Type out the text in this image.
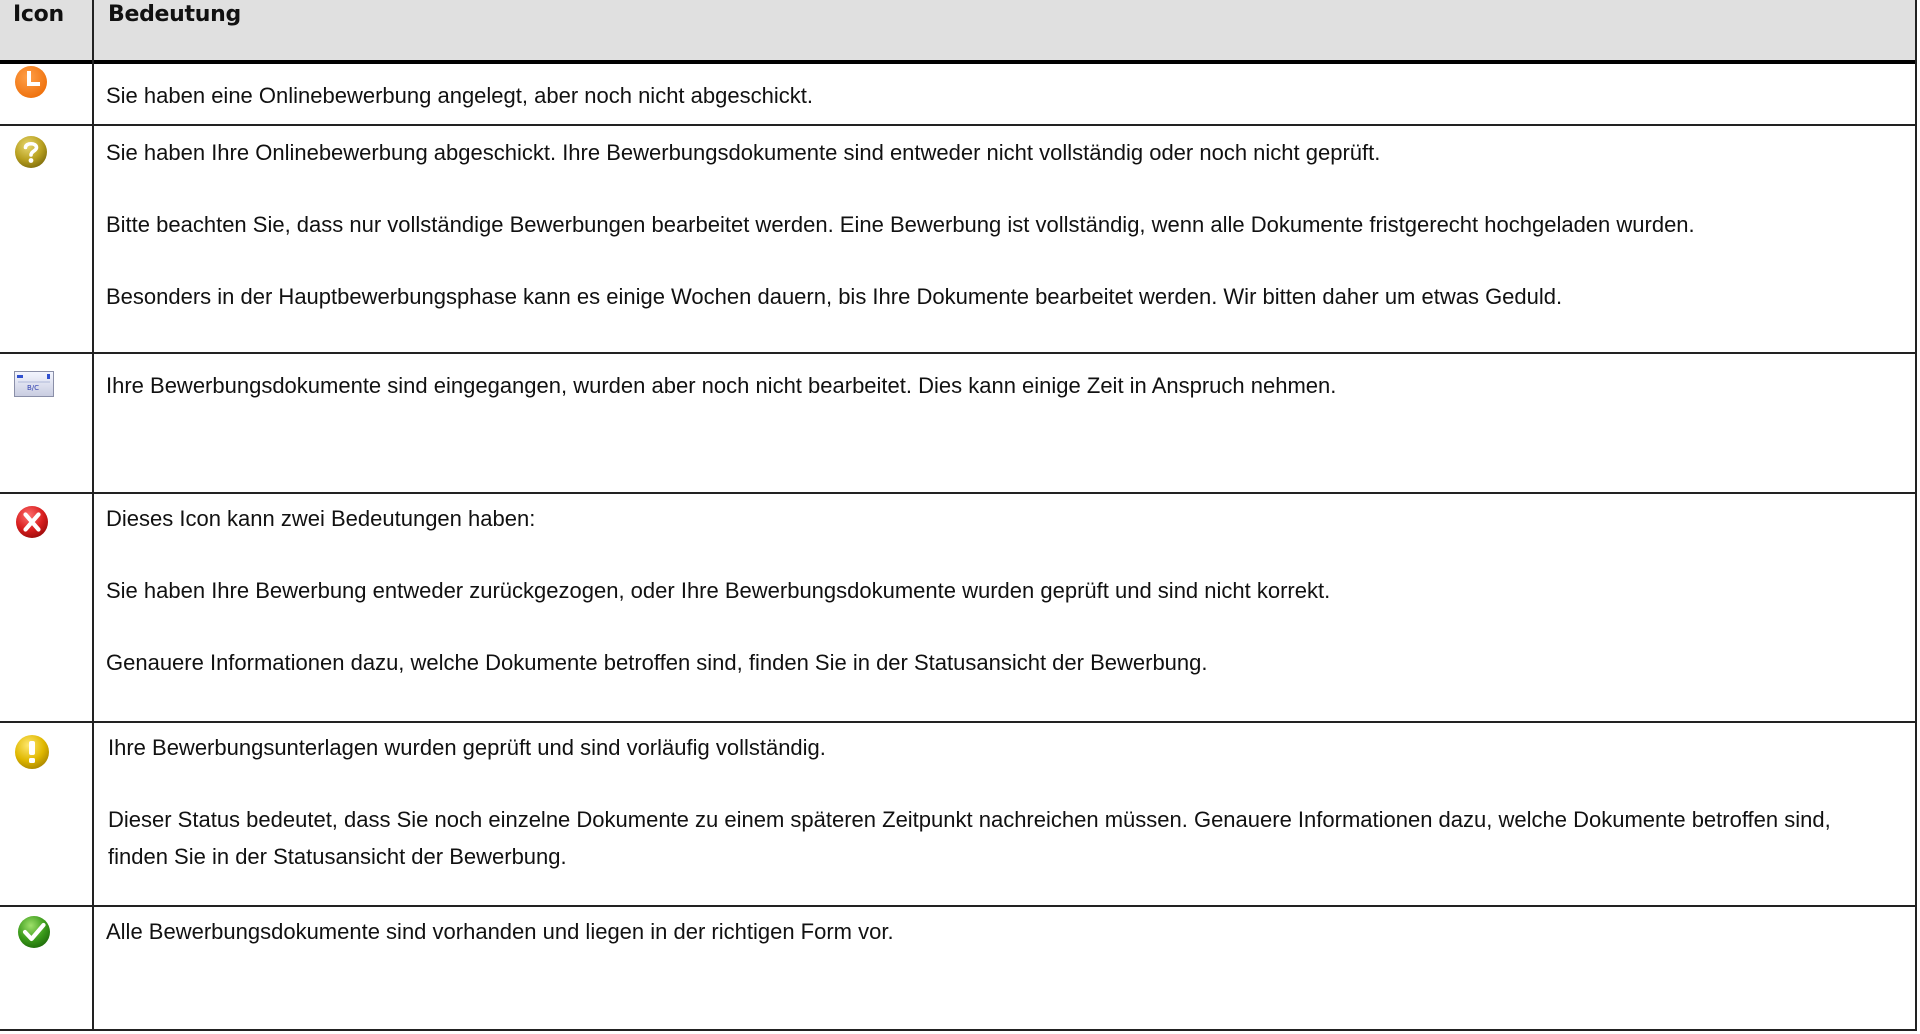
Icon Bedeutung

Sie haben eine Onlinebewerbung angelegt, aber noch nicht abgeschickt.

Sie haben Ihre Onlinebewerbung abgeschickt. Ihre Bewerbungsdokumente sind entweder nicht vollständig oder noch nicht geprüft.

Bitte beachten Sie, dass nur vollständige Bewerbungen bearbeitet werden. Eine Bewerbung ist vollständig, wenn alle Dokumente fristgerecht hochgeladen wurden.

Besonders in der Hauptbewerbungsphase kann es einige Wochen dauern, bis Ihre Dokumente bearbeitet werden. Wir bitten daher um etwas Geduld.

B/C	Ihre Bewerbungsdokumente sind eingegangen, wurden aber noch nicht bearbeitet. Dies kann einige Zeit in Anspruch nehmen.

Dieses Icon kann zwei Bedeutungen haben:

Sie haben Ihre Bewerbung entweder zurückgezogen, oder Ihre Bewerbungsdokumente wurden geprüft und sind nicht korrekt.

Genauere Informationen dazu, welche Dokumente betroffen sind, finden Sie in der Statusansicht der Bewerbung.

Ihre Bewerbungsunterlagen wurden geprüft und sind vorläufig vollständig.

Dieser Status bedeutet, dass Sie noch einzelne Dokumente zu einem späteren Zeitpunkt nachreichen müssen. Genauere Informationen dazu, welche Dokumente betroffen sind, finden Sie in der Statusansicht der Bewerbung.

Alle Bewerbungsdokumente sind vorhanden und liegen in der richtigen Form vor.
